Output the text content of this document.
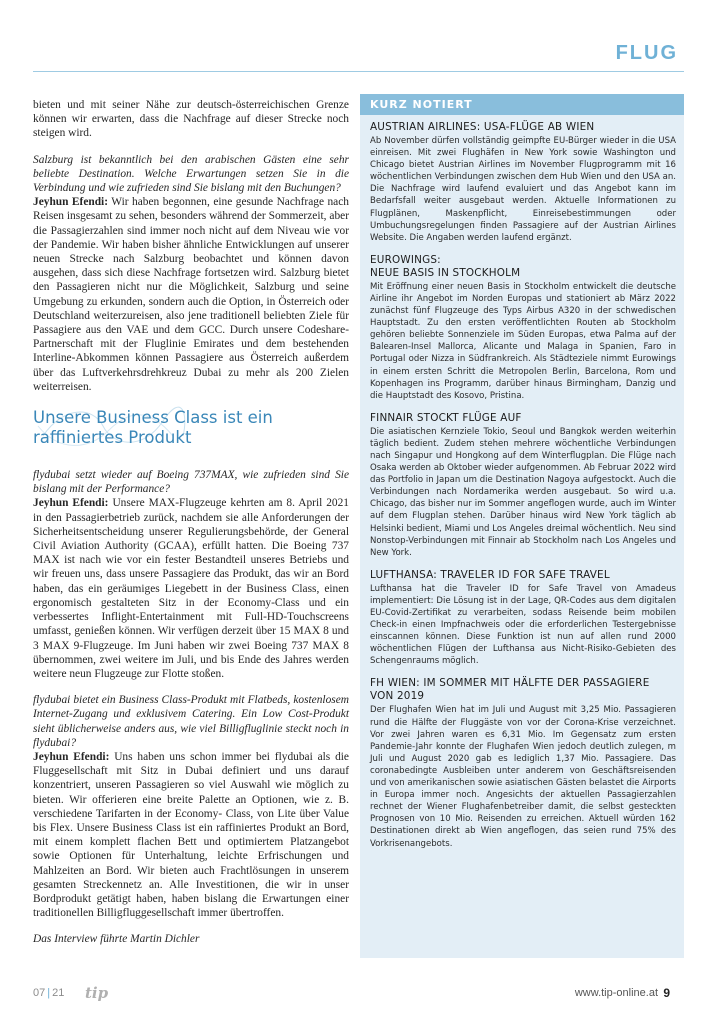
FLUG

bieten und mit seiner Nähe zur deutsch-österreichischen Grenze können wir erwarten, dass die Nachfrage auf dieser Strecke noch steigen wird.

Salzburg ist bekanntlich bei den arabischen Gästen eine sehr beliebte Destination. Welche Erwartungen setzen Sie in die Verbindung und wie zufrieden sind Sie bislang mit den Buchungen?

Jeyhun Efendi: Wir haben begonnen, eine gesunde Nachfrage nach Reisen insgesamt zu sehen, besonders während der Sommerzeit, aber die Passagierzahlen sind immer noch nicht auf dem Niveau wie vor der Pandemie. Wir haben bisher ähnliche Entwicklungen auf unserer neuen Strecke nach Salzburg beobachtet und können davon ausgehen, dass sich diese Nachfrage fortsetzen wird. Salzburg bietet den Passagieren nicht nur die Möglichkeit, Salzburg und seine Umgebung zu erkunden, sondern auch die Option, in Österreich oder Deutschland weiterzureisen, also jene traditionell beliebten Ziele für Passagiere aus den VAE und dem GCC. Durch unsere Codeshare-Partnerschaft mit der Fluglinie Emirates und dem bestehenden Interline-Abkommen können Passagiere aus Österreich außerdem über das Luftverkehrsdrehkreuz Dubai zu mehr als 200 Zielen weiterreisen.

Unsere Business Class ist ein
raffiniertes Produkt

flydubai setzt wieder auf Boeing 737MAX, wie zufrieden sind Sie bislang mit der Performance?

Jeyhun Efendi: Unsere MAX-Flugzeuge kehrten am 8. April 2021 in den Passagierbetrieb zurück, nachdem sie alle Anforderungen der Sicherheitsentscheidung unserer Regulierungsbehörde, der General Civil Aviation Authority (GCAA), erfüllt hatten. Die Boeing 737 MAX ist nach wie vor ein fester Bestandteil unseres Betriebs und wir freuen uns, dass unsere Passagiere das Produkt, das wir an Bord haben, das ein geräumiges Liegebett in der Business Class, einen ergonomisch gestalteten Sitz in der Economy-Class und ein verbessertes Inflight-Entertainment mit Full-HD-Touchscreens umfasst, genießen können. Wir verfügen derzeit über 15 MAX 8 und 3 MAX 9-Flugzeuge. Im Juni haben wir zwei Boeing 737 MAX 8 übernommen, zwei weitere im Juli, und bis Ende des Jahres werden weitere neun Flugzeuge zur Flotte stoßen.

flydubai bietet ein Business Class-Produkt mit Flatbeds, kostenlosem Internet-Zugang und exklusivem Catering. Ein Low Cost-Produkt sieht üblicherweise anders aus, wie viel Billigfluglinie steckt noch in flydubai?

Jeyhun Efendi: Uns haben uns schon immer bei flydubai als die Fluggesellschaft mit Sitz in Dubai definiert und uns darauf konzentriert, unseren Passagieren so viel Auswahl wie möglich zu bieten. Wir offerieren eine breite Palette an Optionen, wie z. B. verschiedene Tarifarten in der Economy- Class, von Lite über Value bis Flex. Unsere Business Class ist ein raffiniertes Produkt an Bord, mit einem komplett flachen Bett und optimiertem Platzangebot sowie Optionen für Unterhaltung, leichte Erfrischungen und Mahlzeiten an Bord. Wir bieten auch Frachtlösungen in unserem gesamten Streckennetz an. Alle Investitionen, die wir in unser Bordprodukt getätigt haben, haben bislang die Erwartungen einer traditionellen Billigfluggesellschaft immer übertroffen.

Das Interview führte Martin Dichler

KURZ NOTIERT
AUSTRIAN AIRLINES: USA-FLÜGE AB WIEN

Ab November dürfen vollständig geimpfte EU-Bürger wieder in die USA einreisen. Mit zwei Flughäfen in New York sowie Washington und Chicago bietet Austrian Airlines im November Flugprogramm mit 16 wöchentlichen Verbindungen zwischen dem Hub Wien und den USA an. Die Nachfrage wird laufend evaluiert und das Angebot kann im Bedarfsfall weiter ausgebaut werden. Aktuelle Informationen zu Flugplänen, Maskenpflicht, Einreisebestimmungen oder Umbuchungsregelungen finden Passagiere auf der Austrian Airlines Website. Die Angaben werden laufend ergänzt.

EUROWINGS:
NEUE BASIS IN STOCKHOLM

Mit Eröffnung einer neuen Basis in Stockholm entwickelt die deutsche Airline ihr Angebot im Norden Europas und stationiert ab März 2022 zunächst fünf Flugzeuge des Typs Airbus A320 in der schwedischen Hauptstadt. Zu den ersten veröffentlichten Routen ab Stockholm gehören beliebte Sonnenziele im Süden Europas, etwa Palma auf der Balearen-Insel Mallorca, Alicante und Malaga in Spanien, Faro in Portugal oder Nizza in Südfrankreich. Als Städteziele nimmt Eurowings in einem ersten Schritt die Metropolen Berlin, Barcelona, Rom und Kopenhagen ins Programm, darüber hinaus Birmingham, Danzig und die Hauptstadt des Kosovo, Pristina.

FINNAIR STOCKT FLÜGE AUF

Die asiatischen Kernziele Tokio, Seoul und Bangkok werden weiterhin täglich bedient. Zudem stehen mehrere wöchentliche Verbindungen nach Singapur und Hongkong auf dem Winterflugplan. Die Flüge nach Osaka werden ab Oktober wieder aufgenommen. Ab Februar 2022 wird das Portfolio in Japan um die Destination Nagoya aufgestockt. Auch die Verbindungen nach Nordamerika werden ausgebaut. So wird u.a. Chicago, das bisher nur im Sommer angeflogen wurde, auch im Winter auf dem Flugplan stehen. Darüber hinaus wird New York täglich ab Helsinki bedient, Miami und Los Angeles dreimal wöchentlich. Neu sind Nonstop-Verbindungen mit Finnair ab Stockholm nach Los Angeles und New York.

LUFTHANSA: TRAVELER ID FOR SAFE TRAVEL

Lufthansa hat die Traveler ID for Safe Travel von Amadeus implementiert: Die Lösung ist in der Lage, QR-Codes aus dem digitalen EU-Covid-Zertifikat zu verarbeiten, sodass Reisende beim mobilen Check-in einen Impfnachweis oder die erforderlichen Testergebnisse einscannen können. Diese Funktion ist nun auf allen rund 2000 wöchentlichen Flügen der Lufthansa aus Nicht-Risiko-Gebieten des Schengenraums möglich.

FH WIEN: IM SOMMER MIT HÄLFTE DER PASSAGIERE
VON 2019

Der Flughafen Wien hat im Juli und August mit 3,25 Mio. Passagieren rund die Hälfte der Fluggäste von vor der Corona-Krise verzeichnet. Vor zwei Jahren waren es 6,31 Mio. Im Gegensatz zum ersten Pandemie-Jahr konnte der Flughafen Wien jedoch deutlich zulegen, m Juli und August 2020 gab es lediglich 1,37 Mio. Passagiere. Das coronabedingte Ausbleiben unter anderem von Geschäftsreisenden und von amerikanischen sowie asiatischen Gästen belastet die Airports in Europa immer noch. Angesichts der aktuellen Passagierzahlen rechnet der Wiener Flughafenbetreiber damit, die selbst gesteckten Prognosen von 10 Mio. Reisenden zu erreichen. Aktuell würden 162 Destinationen direkt ab Wien angeflogen, das seien rund 75% des Vorkrisenangebots.

07 | 21 tip	www.tip-online.at 9
